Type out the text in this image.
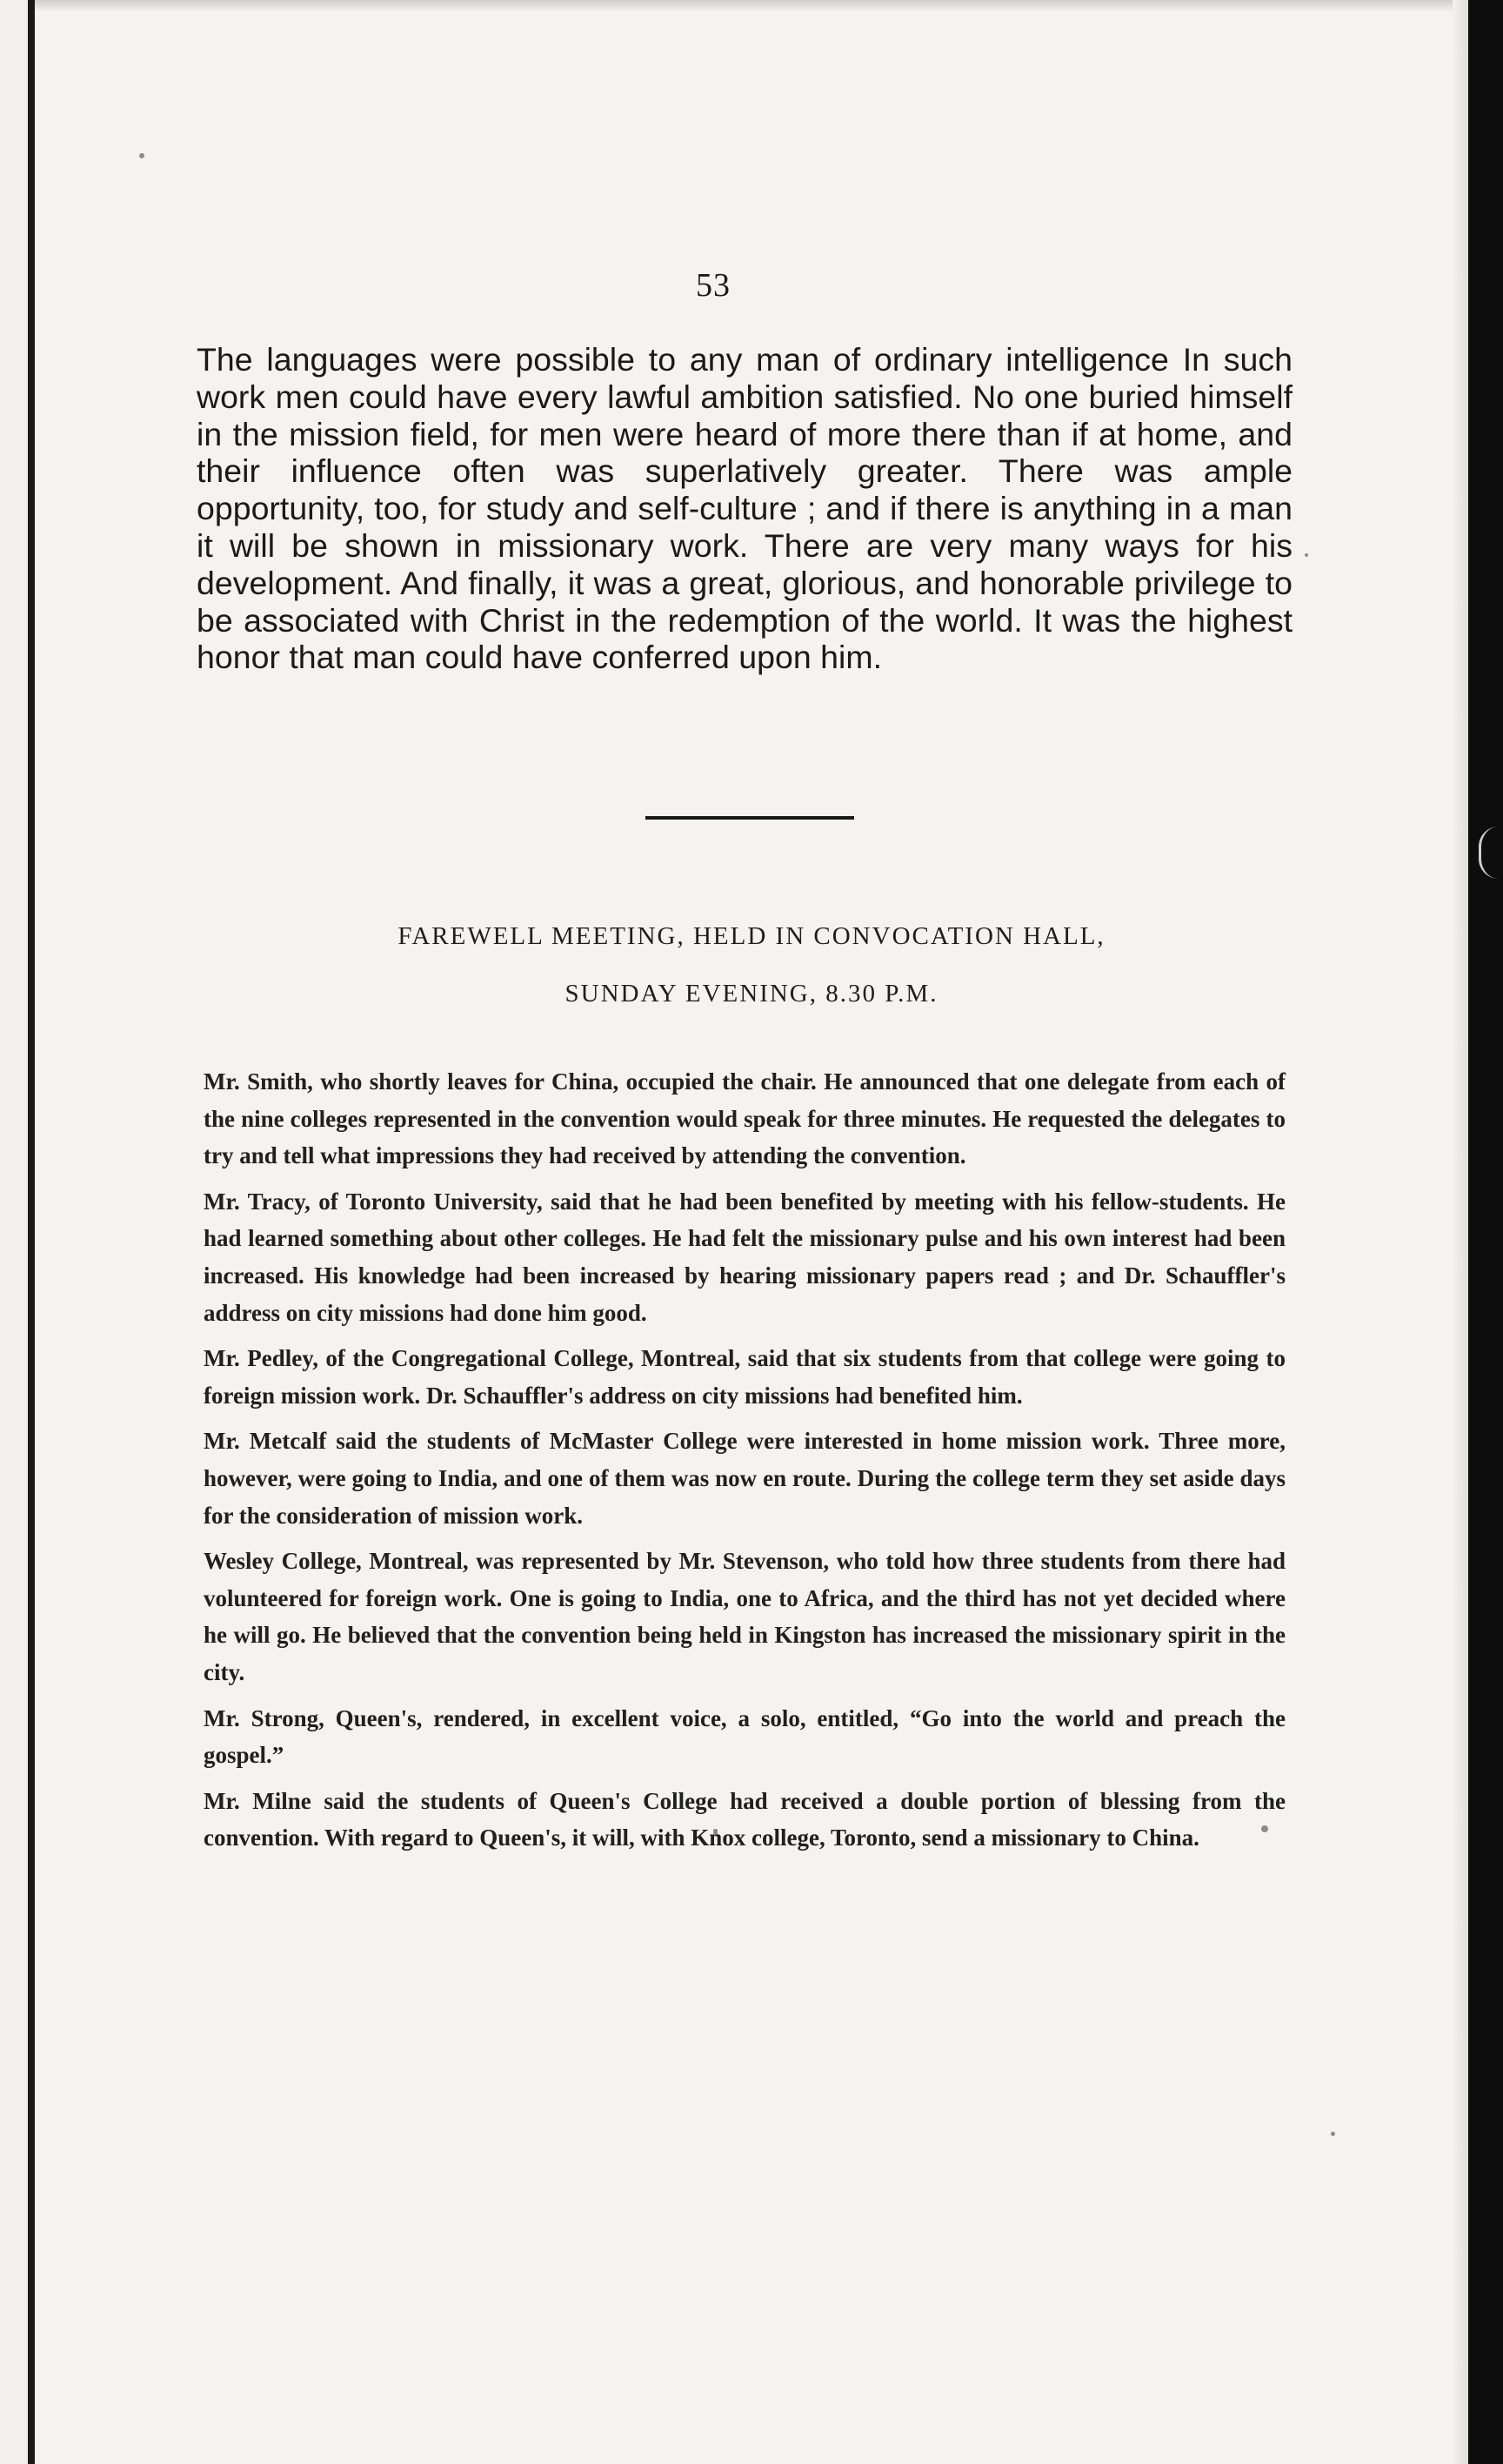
53

The languages were possible to any man of ordinary intelligence In such work men could have every lawful ambition satisfied. No one buried himself in the mission field, for men were heard of more there than if at home, and their influence often was superlatively greater. There was ample opportunity, too, for study and self-culture ; and if there is anything in a man it will be shown in missionary work. There are very many ways for his development. And finally, it was a great, glorious, and honorable privilege to be associated with Christ in the redemption of the world. It was the highest honor that man could have conferred upon him.

FAREWELL MEETING, HELD IN CONVOCATION HALL,
SUNDAY EVENING, 8.30 P.M.

Mr. Smith, who shortly leaves for China, occupied the chair. He announced that one delegate from each of the nine colleges represented in the convention would speak for three minutes. He requested the delegates to try and tell what impressions they had received by attending the convention.

Mr. Tracy, of Toronto University, said that he had been benefited by meeting with his fellow-students. He had learned something about other colleges. He had felt the missionary pulse and his own interest had been increased. His knowledge had been increased by hearing missionary papers read ; and Dr. Schauffler's address on city missions had done him good.

Mr. Pedley, of the Congregational College, Montreal, said that six students from that college were going to foreign mission work. Dr. Schauffler's address on city missions had benefited him.

Mr. Metcalf said the students of McMaster College were interested in home mission work. Three more, however, were going to India, and one of them was now en route. During the college term they set aside days for the consideration of mission work.

Wesley College, Montreal, was represented by Mr. Stevenson, who told how three students from there had volunteered for foreign work. One is going to India, one to Africa, and the third has not yet decided where he will go. He believed that the convention being held in Kingston has increased the missionary spirit in the city.

Mr. Strong, Queen's, rendered, in excellent voice, a solo, entitled, “Go into the world and preach the gospel.”

Mr. Milne said the students of Queen's College had received a double portion of blessing from the convention. With regard to Queen's, it will, with Knox college, Toronto, send a missionary to China.
